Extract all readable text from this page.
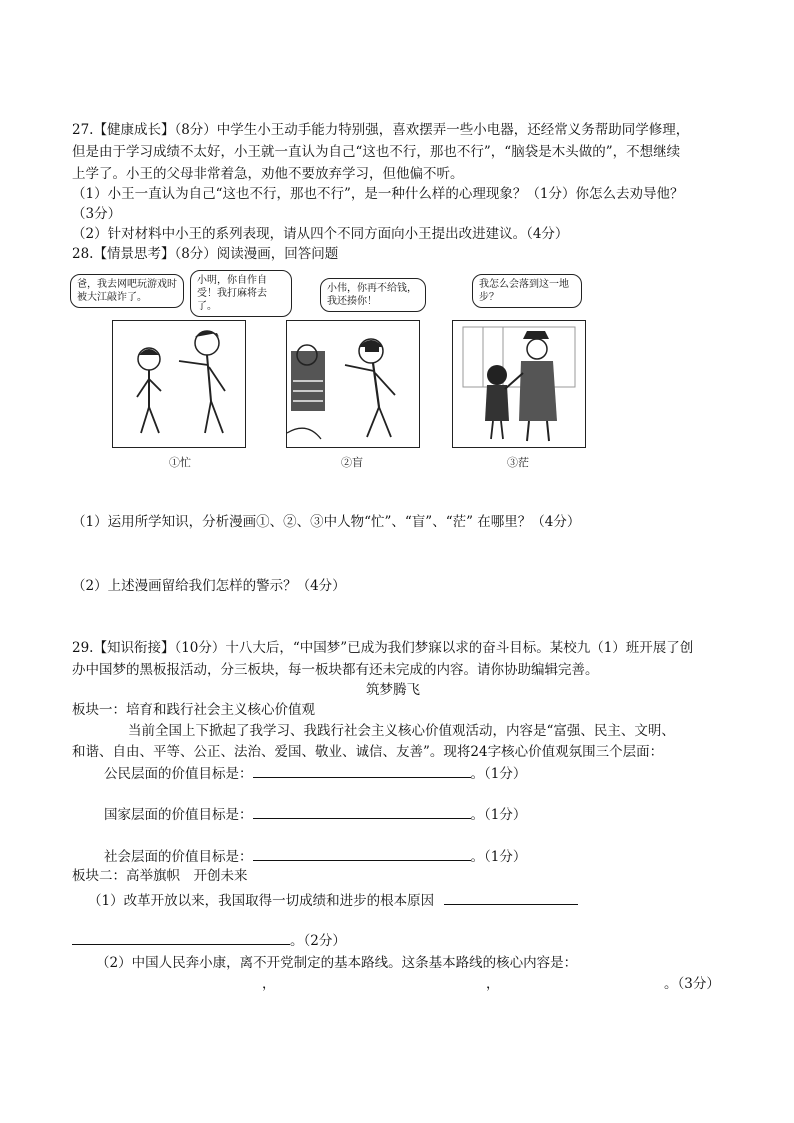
27.【健康成长】（8分）中学生小王动手能力特别强，喜欢摆弄一些小电器，还经常义务帮助同学修理，
但是由于学习成绩不太好，小王就一直认为自己“这也不行，那也不行”，“脑袋是木头做的”，不想继续
上学了。小王的父母非常着急，劝他不要放弃学习，但他偏不听。
（1）小王一直认为自己“这也不行，那也不行”，是一种什么样的心理现象？（1分）你怎么去劝导他？
（3分）
（2）针对材料中小王的系列表现，请从四个不同方面向小王提出改进建议。（4分）
28.【情景思考】（8分）阅读漫画，回答问题
爸，我去网吧玩游戏时被大江敲诈了。
小明，你自作自受！我打麻将去了。
①忙
小伟，你再不给钱，我还揍你！
②盲
我怎么会落到这一地步？
③茫
（1）运用所学知识，分析漫画①、②、③中人物“忙”、“盲”、“茫” 在哪里？（4分）
（2）上述漫画留给我们怎样的警示？（4分）
29.【知识衔接】（10分）十八大后，“中国梦”已成为我们梦寐以求的奋斗目标。某校九（1）班开展了创
办中国梦的黑板报活动，分三板块，每一板块都有还未完成的内容。请你协助编辑完善。
筑梦腾飞
板块一：培育和践行社会主义核心价值观
当前全国上下掀起了我学习、我践行社会主义核心价值观活动，内容是“富强、民主、文明、
和谐、自由、平等、公正、法治、爱国、敬业、诚信、友善”。现将24字核心价值观氛围三个层面：
公民层面的价值目标是：	。（1分）
国家层面的价值目标是：	。（1分）
社会层面的价值目标是：	。（1分）
板块二：高举旗帜　开创未来
（1）改革开放以来，我国取得一切成绩和进步的根本原因
。（2分）
（2）中国人民奔小康，离不开党制定的基本路线。这条基本路线的核心内容是：
，	，	。（3分）
